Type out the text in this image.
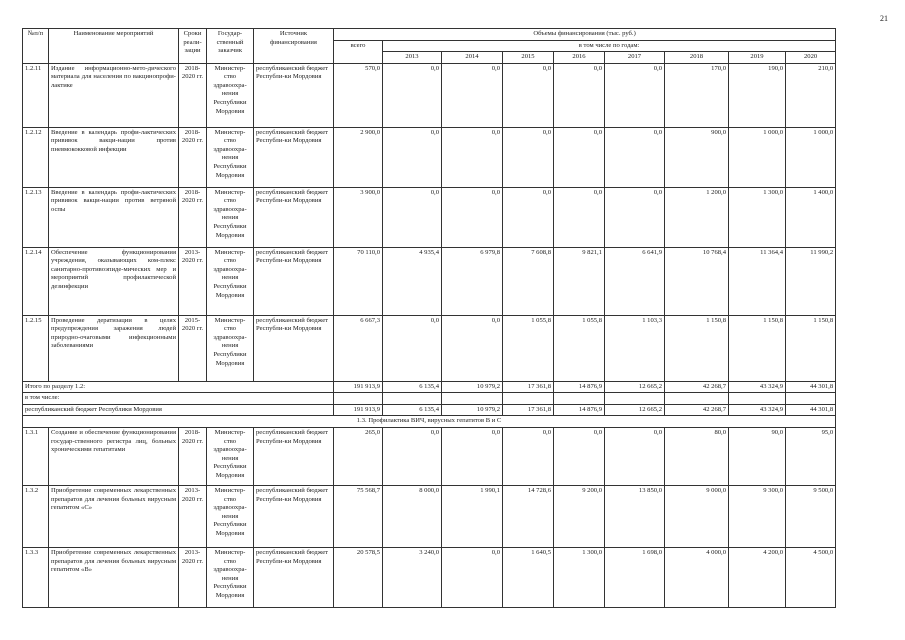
21
№п/п	Наименование мероприятий	Сроки реали-зации	Государ-ственный заказчик	Источник финансирования	Объемы финансирования (тыс. руб.)								
					всего	в том числе по годам:							
						2013	2014	2015	2016	2017	2018	2019	2020
1.2.11	Издание информационно-мето-дического материала для населения по вакцинопрофи-лактике	2018-2020 гг.	Министер-ство здравоохра-нения Республики Мордовия	республиканский бюджет Республи-ки Мордовия	570,0	0,0	0,0	0,0	0,0	0,0	170,0	190,0	210,0
1.2.12	Введение в календарь профи-лактических прививок вакци-нации против пневмококковой инфекции	2018-2020 гг.	Министер-ство здравоохра-нения Республики Мордовия	республиканский бюджет Республи-ки Мордовия	2 900,0	0,0	0,0	0,0	0,0	0,0	900,0	1 000,0	1 000,0
1.2.13	Введение в календарь профи-лактических прививок вакци-нации против ветряной оспы	2018-2020 гг.	Министер-ство здравоохра-нения Республики Мордовия	республиканский бюджет Республи-ки Мордовия	3 900,0	0,0	0,0	0,0	0,0	0,0	1 200,0	1 300,0	1 400,0
1.2.14	Обеспечение функционирования учреждения, оказывающих ком-плекс санитарно-противоэпиде-мических мер и мероприятий профилактической дезинфекции	2013-2020 гг.	Министер-ство здравоохра-нения Республики Мордовия	республиканский бюджет Республи-ки Мордовия	70 110,0	4 935,4	6 979,8	7 608,8	9 821,1	6 641,9	10 768,4	11 364,4	11 990,2
1.2.15	Проведение дератизации в целях предупреждения заражения людей природно-очаговыми инфекционными заболеваниями	2015-2020 гг.	Министер-ство здравоохра-нения Республики Мордовия	республиканский бюджет Республи-ки Мордовия	6 667,3	0,0	0,0	1 055,8	1 055,8	1 103,3	1 150,8	1 150,8	1 150,8
Итого по разделу 1.2:					191 913,9	6 135,4	10 979,2	17 361,8	14 876,9	12 665,2	42 268,7	43 324,9	44 301,8
в том числе:													
республиканский бюджет Республики Мордовия					191 913,9	6 135,4	10 979,2	17 361,8	14 876,9	12 665,2	42 268,7	43 324,9	44 301,8
1.3. Профилактика ВИЧ, вирусных гепатитов В и С													
1.3.1	Создание и обеспечение функционирования государ-ственного регистра лиц, больных хроническими гепатитами	2018-2020 гг.	Министер-ство здравоохра-нения Республики Мордовия	республиканский бюджет Республи-ки Мордовия	265,0	0,0	0,0	0,0	0,0	0,0	80,0	90,0	95,0
1.3.2	Приобретение современных лекарственных препаратов для лечения больных вирусным гепатитом «С»	2013-2020 гг.	Министер-ство здравоохра-нения Республики Мордовия	республиканский бюджет Республи-ки Мордовия	75 568,7	8 000,0	1 990,1	14 728,6	9 200,0	13 850,0	9 000,0	9 300,0	9 500,0
1.3.3	Приобретение современных лекарственных препаратов для лечения больных вирусным гепатитом «В»	2013-2020 гг.	Министер-ство здравоохра-нения Республики Мордовия	республиканский бюджет Республи-ки Мордовия	20 578,5	3 240,0	0,0	1 640,5	1 300,0	1 698,0	4 000,0	4 200,0	4 500,0
